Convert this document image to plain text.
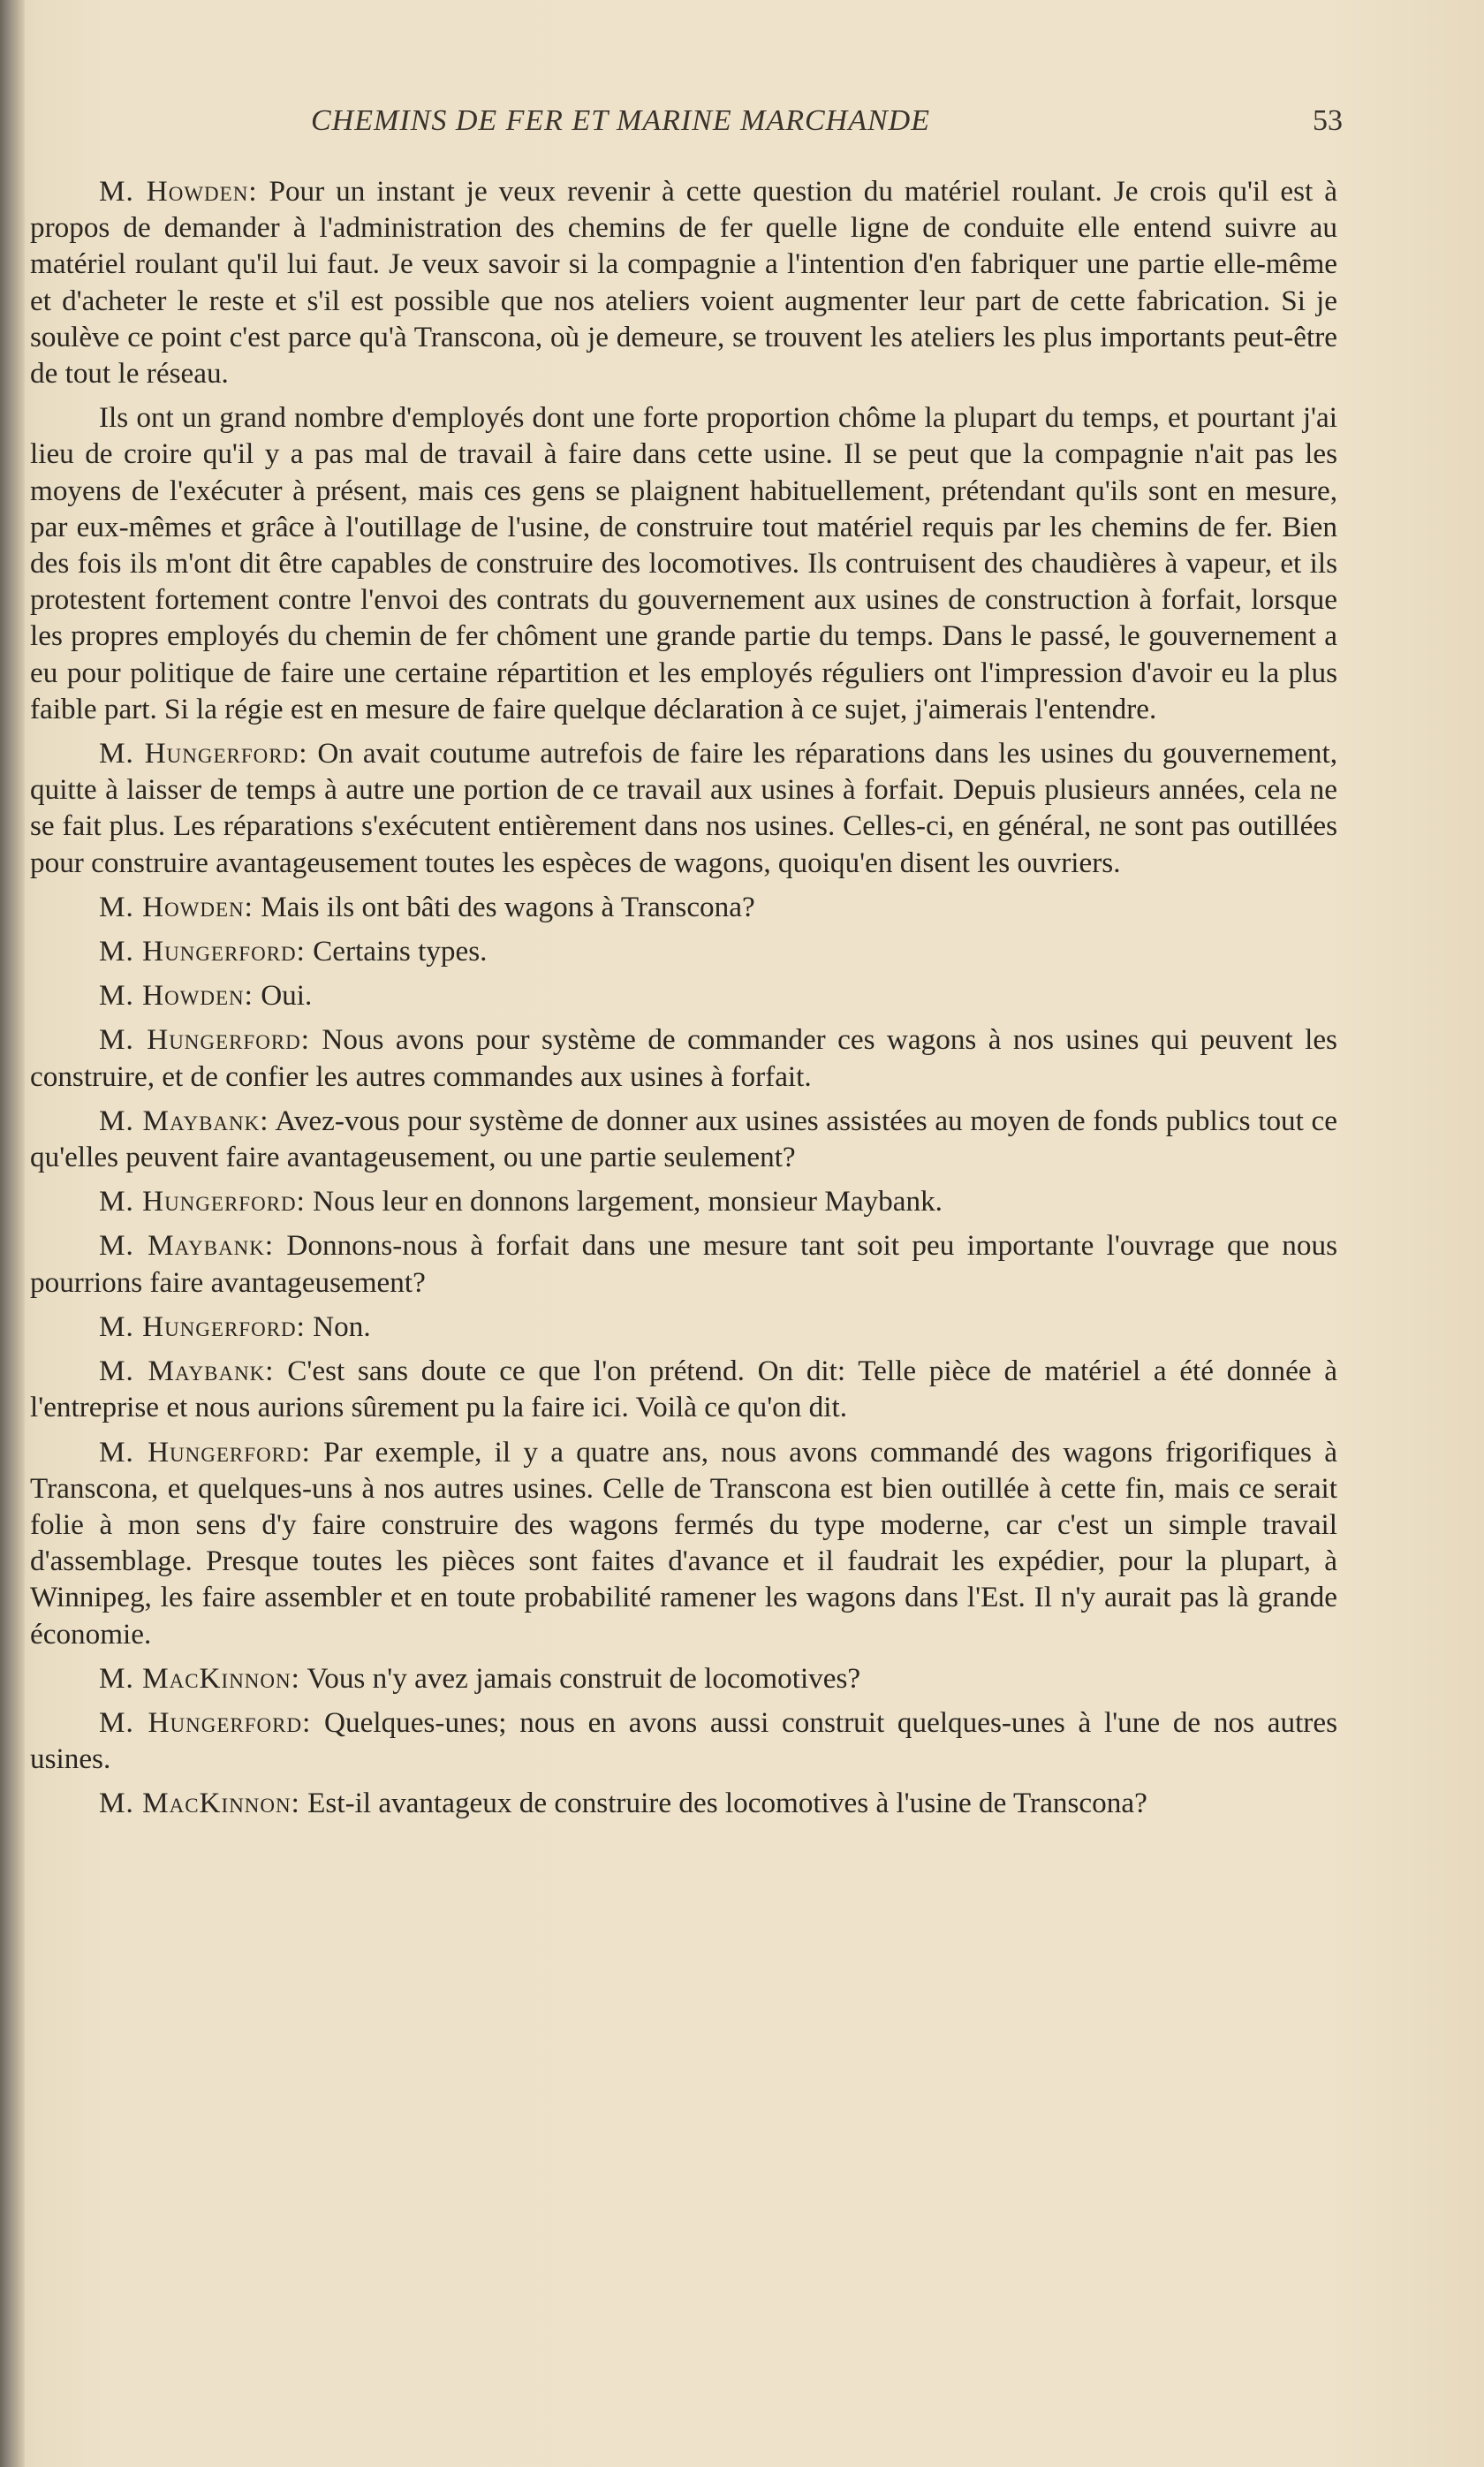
CHEMINS DE FER ET MARINE MARCHANDE	53

M. Howden: Pour un instant je veux revenir à cette question du matériel roulant. Je crois qu'il est à propos de demander à l'administration des chemins de fer quelle ligne de conduite elle entend suivre au matériel roulant qu'il lui faut. Je veux savoir si la compagnie a l'intention d'en fabriquer une partie elle-même et d'acheter le reste et s'il est possible que nos ateliers voient augmenter leur part de cette fabrication. Si je soulève ce point c'est parce qu'à Transcona, où je demeure, se trouvent les ateliers les plus importants peut-être de tout le réseau.

Ils ont un grand nombre d'employés dont une forte proportion chôme la plupart du temps, et pourtant j'ai lieu de croire qu'il y a pas mal de travail à faire dans cette usine. Il se peut que la compagnie n'ait pas les moyens de l'exécuter à présent, mais ces gens se plaignent habituellement, prétendant qu'ils sont en mesure, par eux-mêmes et grâce à l'outillage de l'usine, de construire tout matériel requis par les chemins de fer. Bien des fois ils m'ont dit être capables de construire des locomotives. Ils contruisent des chaudières à vapeur, et ils protestent fortement contre l'envoi des contrats du gouvernement aux usines de construction à forfait, lorsque les propres employés du chemin de fer chôment une grande partie du temps. Dans le passé, le gouvernement a eu pour politique de faire une certaine répartition et les employés réguliers ont l'impression d'avoir eu la plus faible part. Si la régie est en mesure de faire quelque déclaration à ce sujet, j'aimerais l'entendre.

M. Hungerford: On avait coutume autrefois de faire les réparations dans les usines du gouvernement, quitte à laisser de temps à autre une portion de ce travail aux usines à forfait. Depuis plusieurs années, cela ne se fait plus. Les réparations s'exécutent entièrement dans nos usines. Celles-ci, en général, ne sont pas outillées pour construire avantageusement toutes les espèces de wagons, quoiqu'en disent les ouvriers.

M. Howden: Mais ils ont bâti des wagons à Transcona?

M. Hungerford: Certains types.

M. Howden: Oui.

M. Hungerford: Nous avons pour système de commander ces wagons à nos usines qui peuvent les construire, et de confier les autres commandes aux usines à forfait.

M. Maybank: Avez-vous pour système de donner aux usines assistées au moyen de fonds publics tout ce qu'elles peuvent faire avantageusement, ou une partie seulement?

M. Hungerford: Nous leur en donnons largement, monsieur Maybank.

M. Maybank: Donnons-nous à forfait dans une mesure tant soit peu importante l'ouvrage que nous pourrions faire avantageusement?

M. Hungerford: Non.

M. Maybank: C'est sans doute ce que l'on prétend. On dit: Telle pièce de matériel a été donnée à l'entreprise et nous aurions sûrement pu la faire ici. Voilà ce qu'on dit.

M. Hungerford: Par exemple, il y a quatre ans, nous avons commandé des wagons frigorifiques à Transcona, et quelques-uns à nos autres usines. Celle de Transcona est bien outillée à cette fin, mais ce serait folie à mon sens d'y faire construire des wagons fermés du type moderne, car c'est un simple travail d'assemblage. Presque toutes les pièces sont faites d'avance et il faudrait les expédier, pour la plupart, à Winnipeg, les faire assembler et en toute probabilité ramener les wagons dans l'Est. Il n'y aurait pas là grande économie.

M. MacKinnon: Vous n'y avez jamais construit de locomotives?

M. Hungerford: Quelques-unes; nous en avons aussi construit quelques-unes à l'une de nos autres usines.

M. MacKinnon: Est-il avantageux de construire des locomotives à l'usine de Transcona?
